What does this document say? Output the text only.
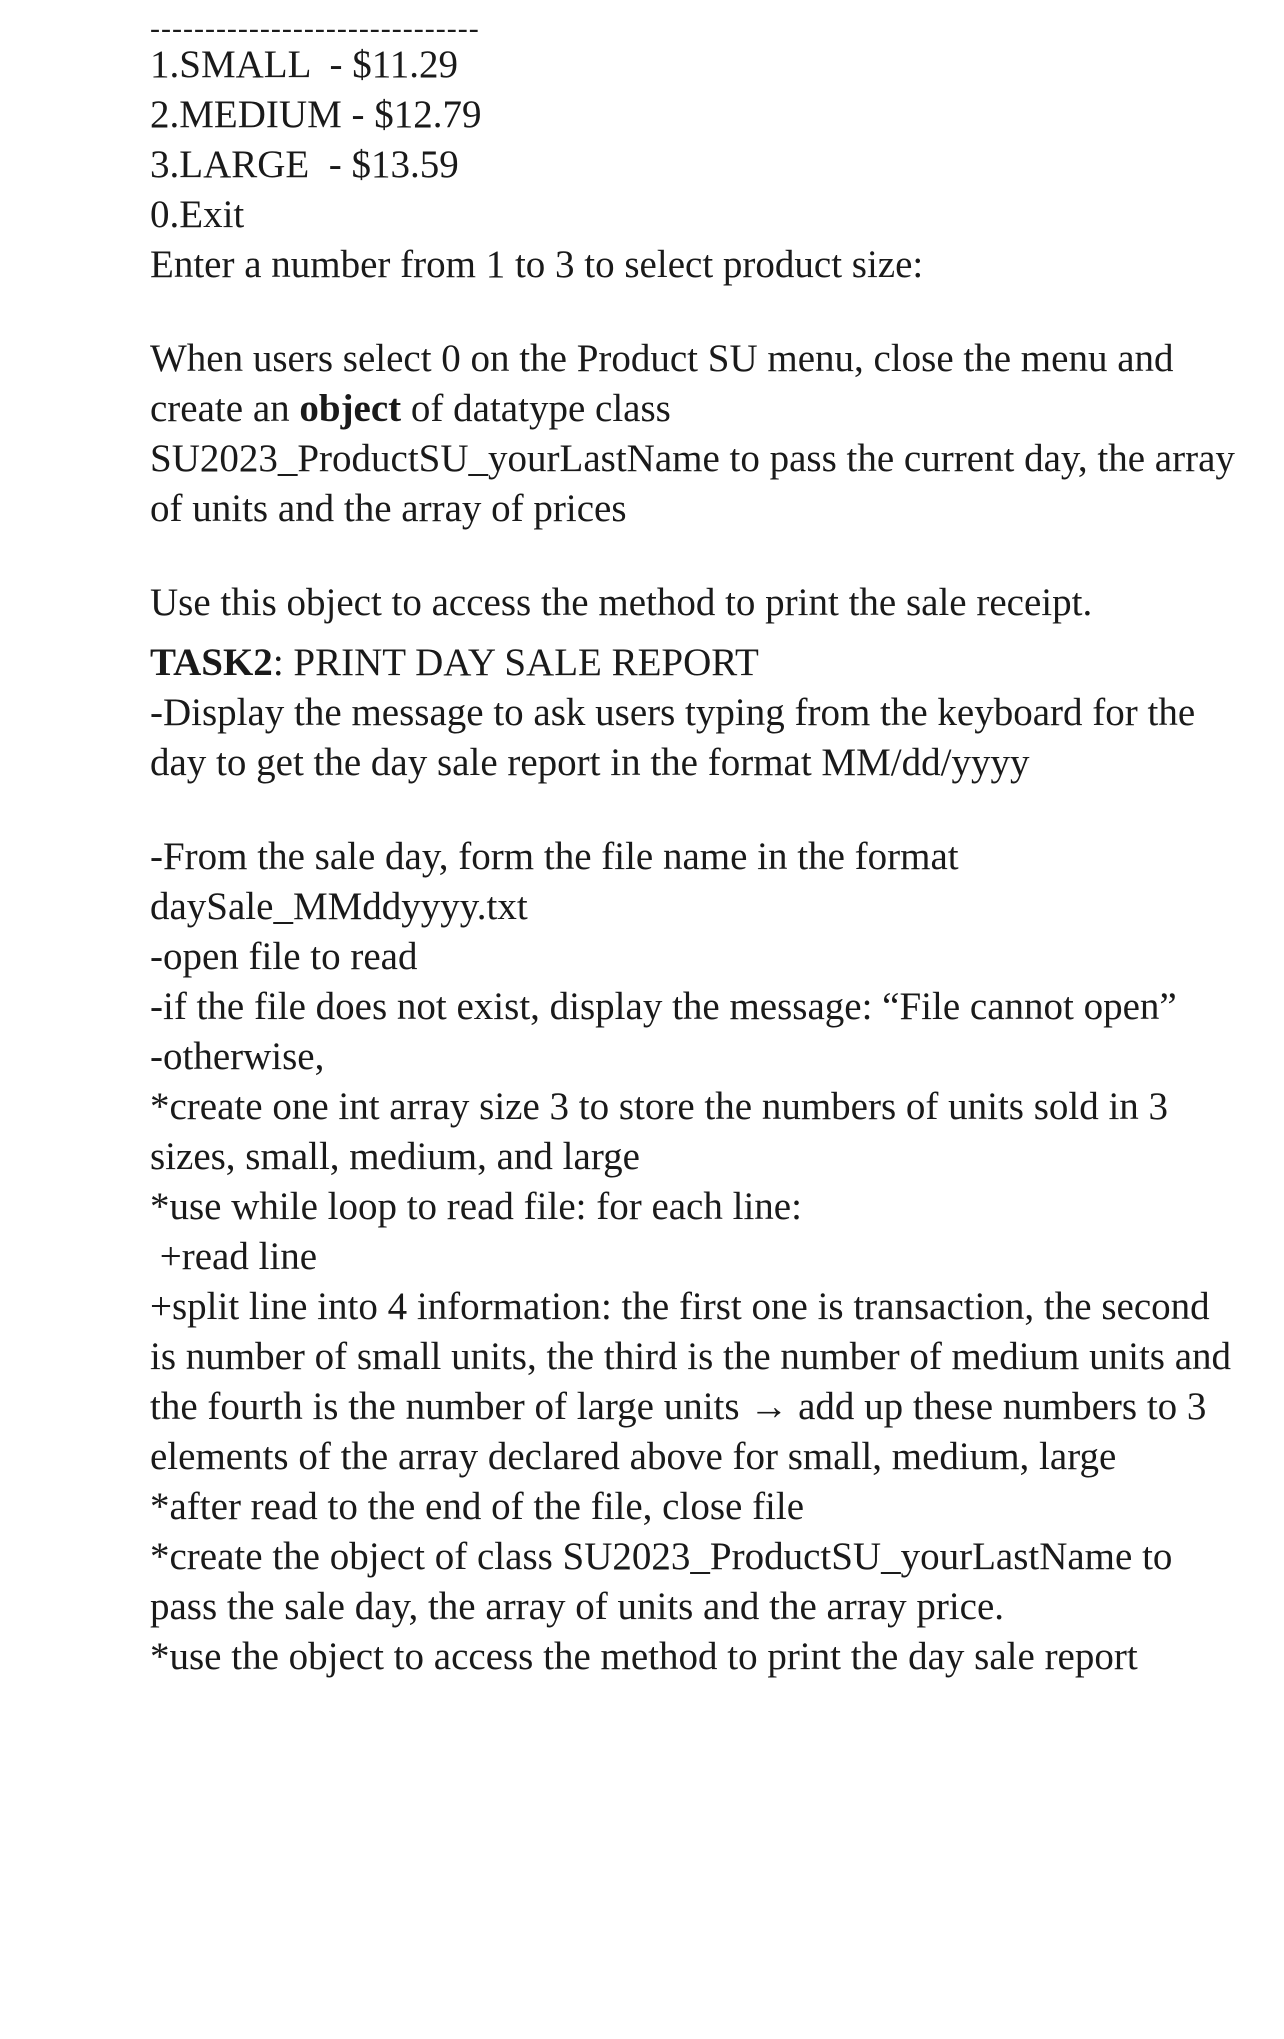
------------------------------
1.SMALL  - $11.29
2.MEDIUM - $12.79
3.LARGE  - $13.59
0.Exit
Enter a number from 1 to 3 to select product size:
When users select 0 on the Product SU menu, close the menu and create an object of datatype class SU2023_ProductSU_yourLastName to pass the current day, the array of units and the array of prices
Use this object to access the method to print the sale receipt.
TASK2: PRINT DAY SALE REPORT
-Display the message to ask users typing from the keyboard for the day to get the day sale report in the format MM/dd/yyyy
-From the sale day, form the file name in the format daySale_MMddyyyy.txt
-open file to read
-if the file does not exist, display the message: “File cannot open”
-otherwise,
*create one int array size 3 to store the numbers of units sold in 3 sizes, small, medium, and large
*use while loop to read file: for each line:
+read line
+split line into 4 information: the first one is transaction, the second is number of small units, the third is the number of medium units and the fourth is the number of large units → add up these numbers to 3 elements of the array declared above for small, medium, large
*after read to the end of the file, close file
*create the object of class SU2023_ProductSU_yourLastName to pass the sale day, the array of units and the array price.
*use the object to access the method to print the day sale report
